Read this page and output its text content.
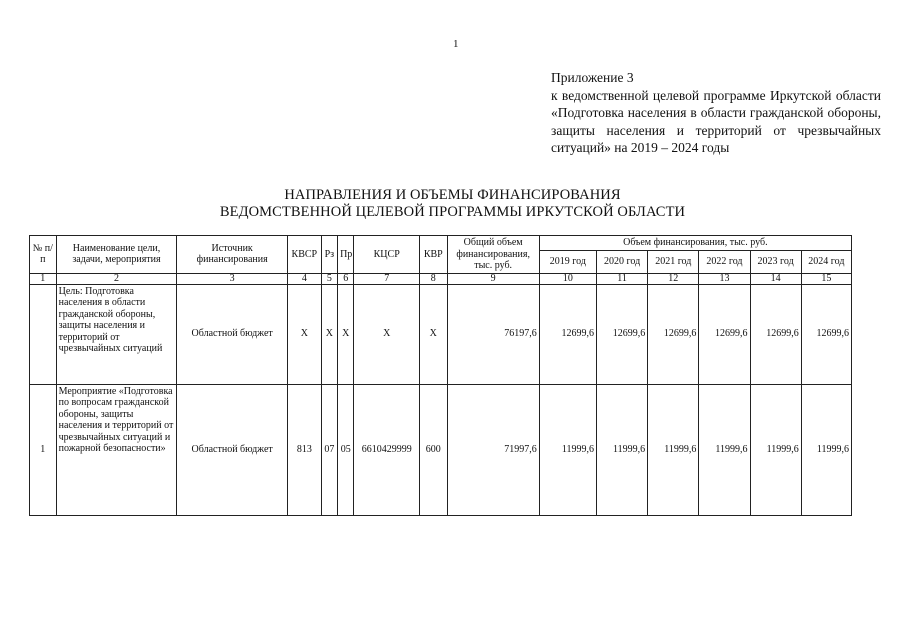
1
Приложение 3
к ведомственной целевой программе Иркутской области «Подготовка населения в области гражданской обороны, защиты населения и территорий от чрезвычайных ситуаций» на 2019 – 2024 годы
НАПРАВЛЕНИЯ И ОБЪЕМЫ ФИНАНСИРОВАНИЯ
ВЕДОМСТВЕННОЙ ЦЕЛЕВОЙ ПРОГРАММЫ ИРКУТСКОЙ ОБЛАСТИ
№ п/п	Наименование цели, задачи, мероприятия	Источник финансирования	КВСР	Рз	Пр	КЦСР	КВР	Общий объем финансирования, тыс. руб.	Объем финансирования, тыс. руб.					
									2019 год	2020 год	2021 год	2022 год	2023 год	2024 год
1	2	3	4	5	6	7	8	9	10	11	12	13	14	15
	Цель: Подготовка населения в области гражданской обороны, защиты населения и территорий от чрезвычайных ситуаций	Областной бюджет	Х	Х	Х	Х	Х	76197,6	12699,6	12699,6	12699,6	12699,6	12699,6	12699,6
1	Мероприятие «Подготовка по вопросам гражданской обороны, защиты населения и территорий от чрезвычайных ситуаций и пожарной безопасности»	Областной бюджет	813	07	05	6610429999	600	71997,6	11999,6	11999,6	11999,6	11999,6	11999,6	11999,6
